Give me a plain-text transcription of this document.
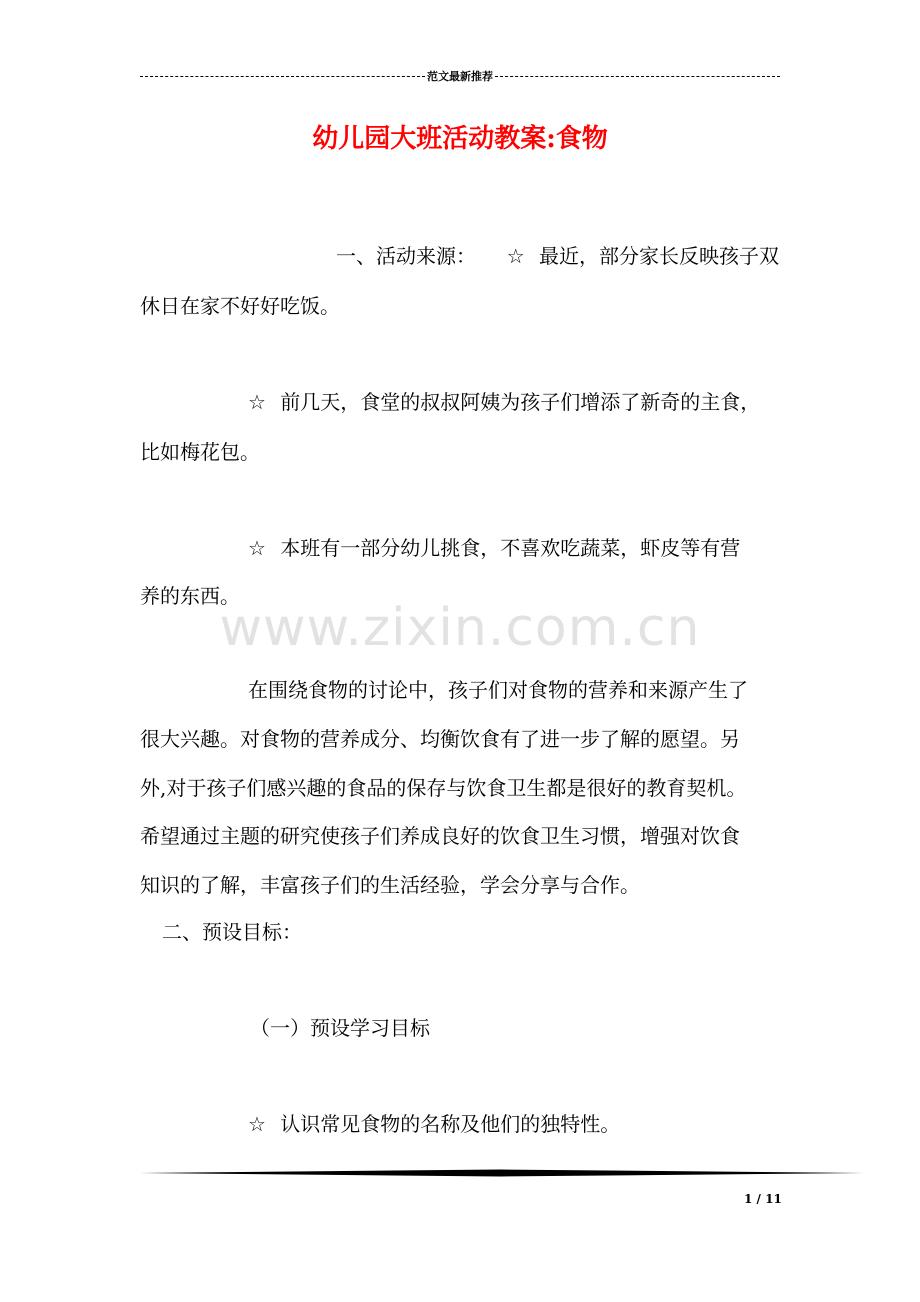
范文最新推荐
幼儿园大班活动教案:食物
www.zixin.com.cn
一、活动来源： ☆ 最近，部分家长反映孩子双
休日在家不好好吃饭。
☆ 前几天，食堂的叔叔阿姨为孩子们增添了新奇的主食，
比如梅花包。
☆ 本班有一部分幼儿挑食，不喜欢吃蔬菜，虾皮等有营
养的东西。
在围绕食物的讨论中，孩子们对食物的营养和来源产生了
很大兴趣。对食物的营养成分、均衡饮食有了进一步了解的愿望。另
外,对于孩子们感兴趣的食品的保存与饮食卫生都是很好的教育契机。
希望通过主题的研究使孩子们养成良好的饮食卫生习惯，增强对饮食
知识的了解，丰富孩子们的生活经验，学会分享与合作。
二、预设目标：
（一）预设学习目标
☆ 认识常见食物的名称及他们的独特性。
1 / 11
